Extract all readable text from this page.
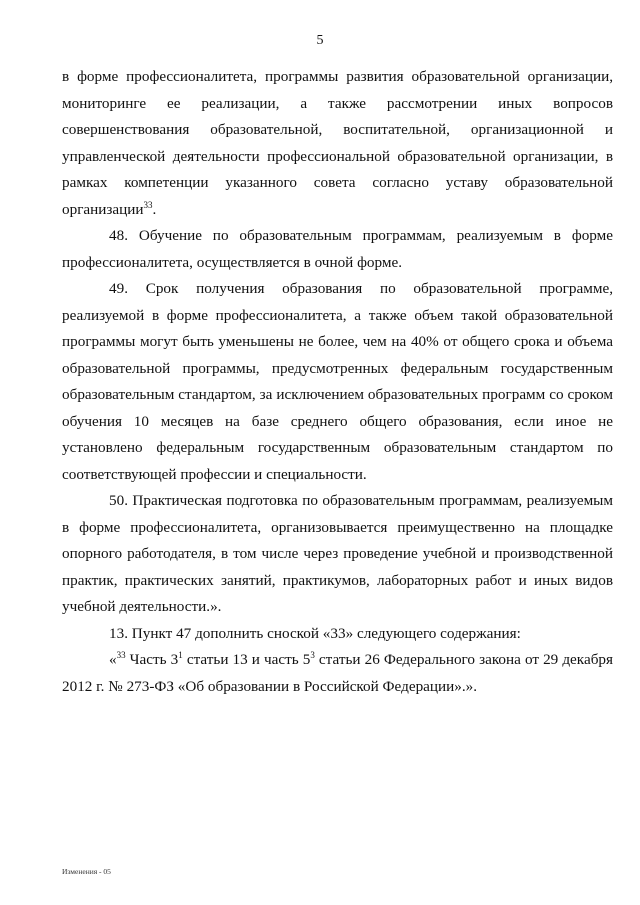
5

в форме профессионалитета, программы развития образовательной организации, мониторинге ее реализации, а также рассмотрении иных вопросов совершенствования образовательной, воспитательной, организационной и управленческой деятельности профессиональной образовательной организации, в рамках компетенции указанного совета согласно уставу образовательной организации$^{33}$.

48. Обучение по образовательным программам, реализуемым в форме профессионалитета, осуществляется в очной форме.

49. Срок получения образования по образовательной программе, реализуемой в форме профессионалитета, а также объем такой образовательной программы могут быть уменьшены не более, чем на 40% от общего срока и объема образовательной программы, предусмотренных федеральным государственным образовательным стандартом, за исключением образовательных программ со сроком обучения 10 месяцев на базе среднего общего образования, если иное не установлено федеральным государственным образовательным стандартом по соответствующей профессии и специальности.

50. Практическая подготовка по образовательным программам, реализуемым в форме профессионалитета, организовывается преимущественно на площадке опорного работодателя, в том числе через проведение учебной и производственной практик, практических занятий, практикумов, лабораторных работ и иных видов учебной деятельности.».

13. Пункт 47 дополнить сноской «33» следующего содержания:

«$^{33}$ Часть $3^1$ статьи 13 и часть $5^3$ статьи 26 Федерального закона от 29 декабря 2012 г. № 273-ФЗ «Об образовании в Российской Федерации».».

Изменения - 05
